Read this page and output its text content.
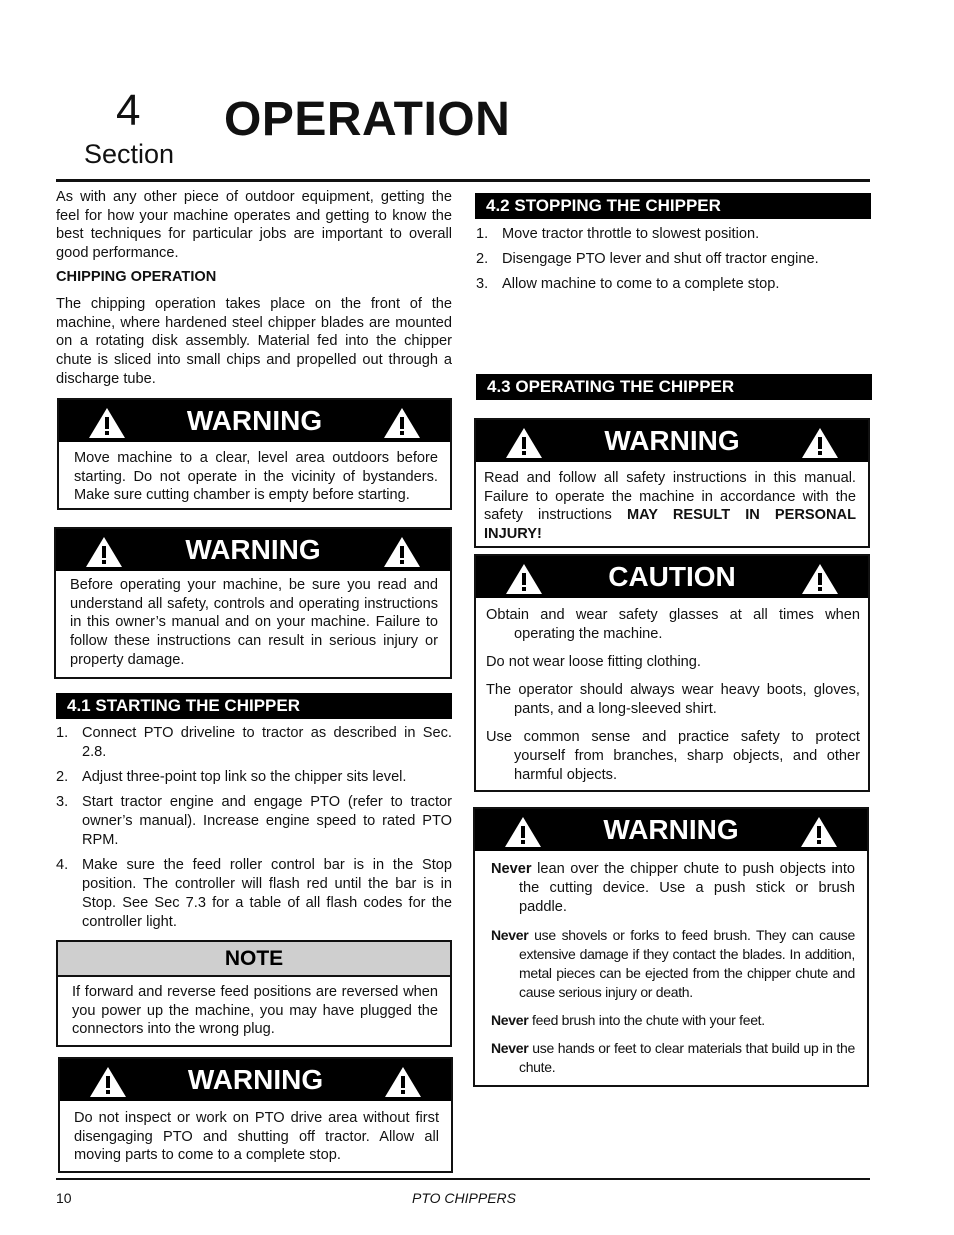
4
Section
OPERATION
As with any other piece of outdoor equipment, getting the feel for how your machine operates and getting to know the best techniques for particular jobs are important to overall good performance.
CHIPPING OPERATION
The chipping operation takes place on the front of the machine, where hardened steel chipper blades are mounted on a rotating disk assembly. Material fed into the chipper chute is sliced into small chips and propelled out through a discharge tube.
WARNING
Move machine to a clear, level area outdoors before starting. Do not operate in the vicinity of bystanders. Make sure cutting chamber is empty before starting.
WARNING
Before operating your machine, be sure you read and understand all safety, controls and operating instructions in this owner’s manual and on your machine. Failure to follow these instructions can result in serious injury or property damage.
4.1 STARTING THE CHIPPER
1. Connect PTO driveline to tractor as described in Sec. 2.8.
2. Adjust three-point top link so the chipper sits level.
3. Start tractor engine and engage PTO (refer to tractor owner’s manual). Increase engine speed to rated PTO RPM.
4. Make sure the feed roller control bar is in the Stop position. The controller will flash red until the bar is in Stop. See Sec 7.3 for a table of all flash codes for the controller light.
NOTE
If forward and reverse feed positions are reversed when you power up the machine, you may have plugged the connectors into the wrong plug.
WARNING
Do not inspect or work on PTO drive area without first disengaging PTO and shutting off tractor. Allow all moving parts to come to a complete stop.
4.2 STOPPING THE CHIPPER
1. Move tractor throttle to slowest position.
2. Disengage PTO lever and shut off tractor engine.
3. Allow machine to come to a complete stop.
4.3 OPERATING THE CHIPPER
WARNING
Read and follow all safety instructions in this manual. Failure to operate the machine in accordance with the safety instructions MAY RESULT IN PERSONAL INJURY!
CAUTION
Obtain and wear safety glasses at all times when operating the machine.
Do not wear loose fitting clothing.
The operator should always wear heavy boots, gloves, pants, and a long-sleeved shirt.
Use common sense and practice safety to protect yourself from branches, sharp objects, and other harmful objects.
WARNING
Never lean over the chipper chute to push objects into the cutting device. Use a push stick or brush paddle.
Never use shovels or forks to feed brush. They can cause extensive damage if they contact the blades. In addition, metal pieces can be ejected from the chipper chute and cause serious injury or death.
Never feed brush into the chute with your feet.
Never use hands or feet to clear materials that build up in the chute.
10	PTO CHIPPERS
